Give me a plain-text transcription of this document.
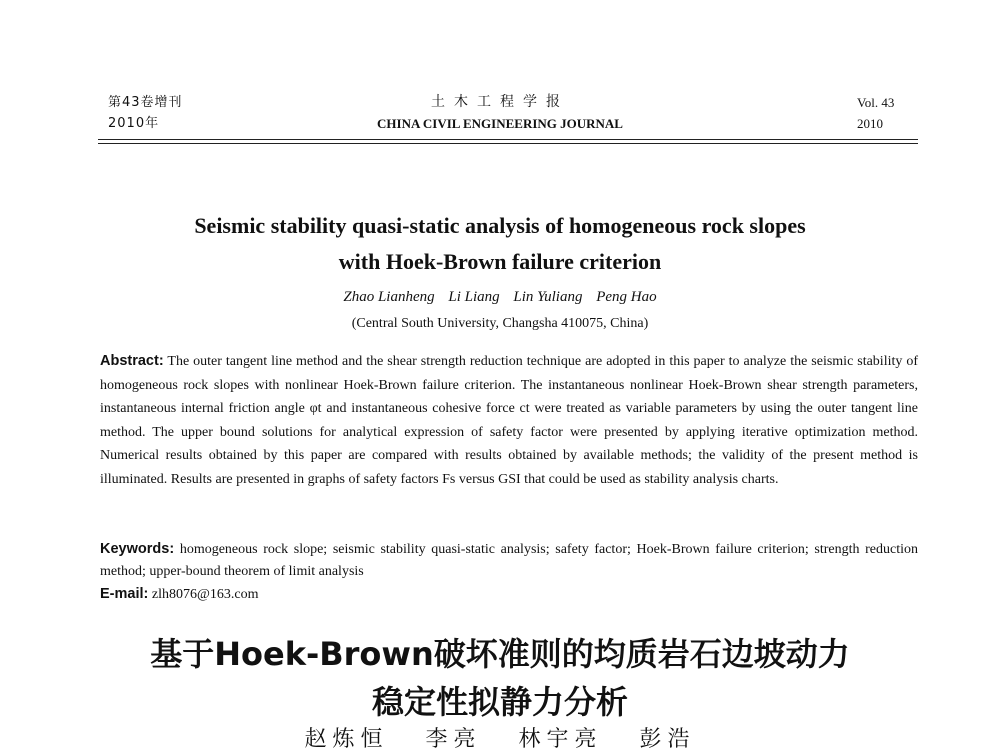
第43卷增刊
2010年
土木工程学报
CHINA CIVIL ENGINEERING JOURNAL
Vol. 43
2010
Seismic stability quasi-static analysis of homogeneous rock slopes
with Hoek-Brown failure criterion
Zhao Lianheng Li Liang Lin Yuliang Peng Hao
(Central South University, Changsha 410075, China)
Abstract: The outer tangent line method and the shear strength reduction technique are adopted in this paper to analyze the seismic stability of homogeneous rock slopes with nonlinear Hoek-Brown failure criterion. The instantaneous nonlinear Hoek-Brown shear strength parameters, instantaneous internal friction angle φt and instantaneous cohesive force ct were treated as variable parameters by using the outer tangent line method. The upper bound solutions for analytical expression of safety factor were presented by applying iterative optimization method. Numerical results obtained by this paper are compared with results obtained by available methods; the validity of the present method is illuminated. Results are presented in graphs of safety factors Fs versus GSI that could be used as stability analysis charts.
Keywords: homogeneous rock slope; seismic stability quasi-static analysis; safety factor; Hoek-Brown failure criterion; strength reduction method; upper-bound theorem of limit analysis
E-mail: zlh8076@163.com
基于Hoek-Brown破坏准则的均质岩石边坡动力
稳定性拟静力分析
赵炼恒 李亮 林宇亮 彭浩
